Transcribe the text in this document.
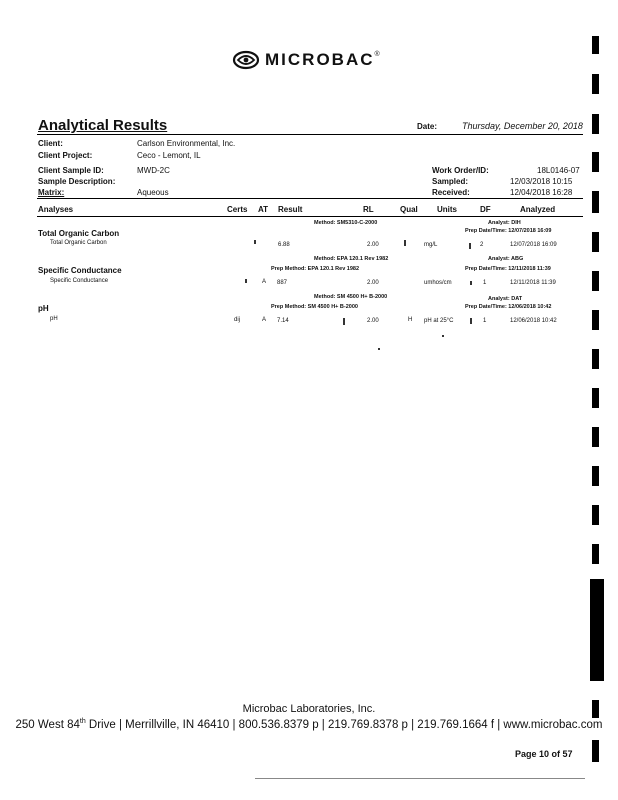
MICROBAC ®
Analytical Results	Date:	Thursday, December 20, 2018
Client:	Carlson Environmental, Inc.
Client Project:	Ceco - Lemont, IL
Client Sample ID:	MWD-2C
Sample Description:
Matrix:	Aqueous
Work Order/ID:	18L0146-07
Sampled:	12/03/2018 10:15
Received:	12/04/2018 16:28
Analyses	Certs AT Result	RL	Qual Units	DF	Analyzed
Method: SM5310-C-2000	Analyst: DIH
Prep Date/Time: 12/07/2018 16:09
Total Organic Carbon
Total Organic Carbon	6.88	2.00	mg/L	2	12/07/2018 16:09
Method: EPA 120.1 Rev 1982	Analyst: ABG
Prep Method: EPA 120.1 Rev 1982	Prep Date/Time: 12/11/2018 11:39
Specific Conductance
Specific Conductance	A 887	2.00	umhos/cm	1	12/11/2018 11:39
Method: SM 4500 H+ B-2000	Analyst: DAT
Prep Method: SM 4500 H+ B-2000	Prep Date/Time: 12/06/2018 10:42
pH
pH	dij	A 7.14	2.00	H pH at 25°C	1	12/06/2018 10:42
Microbac Laboratories, Inc.
250 West 84th Drive | Merrillville, IN 46410 | 800.536.8379 p | 219.769.8378 p | 219.769.1664 f | www.microbac.com
Page 10 of 57
